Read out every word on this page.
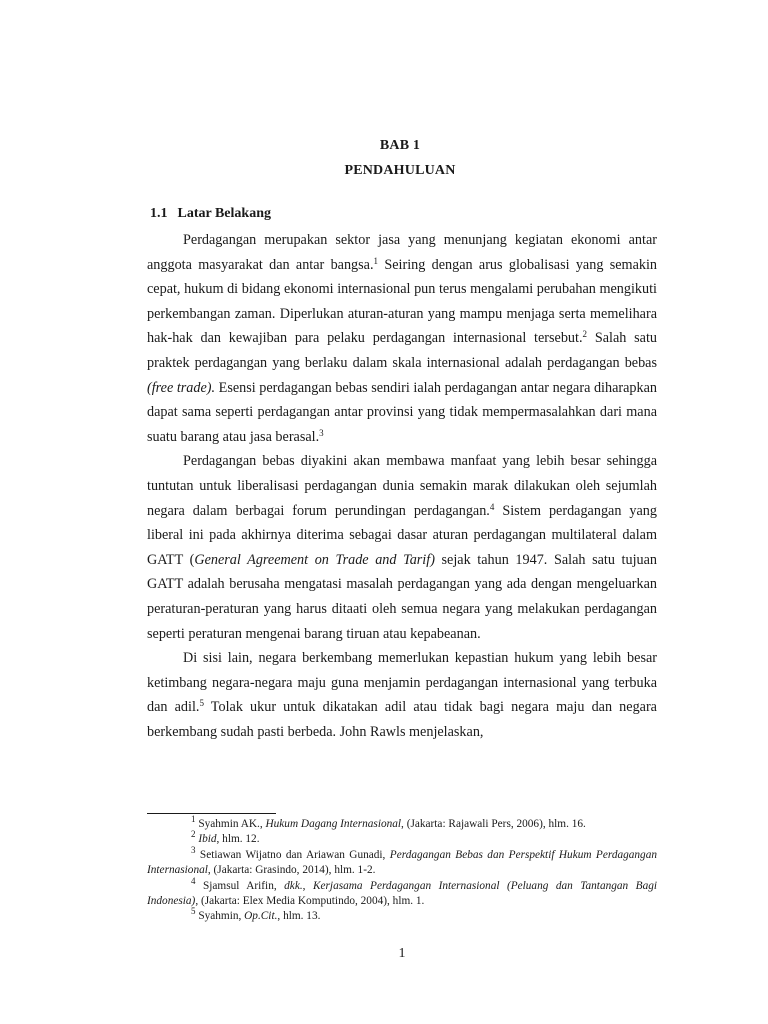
BAB 1
PENDAHULUAN
1.1 Latar Belakang

Perdagangan merupakan sektor jasa yang menunjang kegiatan ekonomi antar anggota masyarakat dan antar bangsa.$^1$ Seiring dengan arus globalisasi yang semakin cepat, hukum di bidang ekonomi internasional pun terus mengalami perubahan mengikuti perkembangan zaman. Diperlukan aturan-aturan yang mampu menjaga serta memelihara hak-hak dan kewajiban para pelaku perdagangan internasional tersebut.$^2$ Salah satu praktek perdagangan yang berlaku dalam skala internasional adalah perdagangan bebas (free trade). Esensi perdagangan bebas sendiri ialah perdagangan antar negara diharapkan dapat sama seperti perdagangan antar provinsi yang tidak mempermasalahkan dari mana suatu barang atau jasa berasal.$^3$

Perdagangan bebas diyakini akan membawa manfaat yang lebih besar sehingga tuntutan untuk liberalisasi perdagangan dunia semakin marak dilakukan oleh sejumlah negara dalam berbagai forum perundingan perdagangan.$^4$ Sistem perdagangan yang liberal ini pada akhirnya diterima sebagai dasar aturan perdagangan multilateral dalam GATT (General Agreement on Trade and Tarif) sejak tahun 1947. Salah satu tujuan GATT adalah berusaha mengatasi masalah perdagangan yang ada dengan mengeluarkan peraturan-peraturan yang harus ditaati oleh semua negara yang melakukan perdagangan seperti peraturan mengenai barang tiruan atau kepabeanan.

Di sisi lain, negara berkembang memerlukan kepastian hukum yang lebih besar ketimbang negara-negara maju guna menjamin perdagangan internasional yang terbuka dan adil.$^5$ Tolak ukur untuk dikatakan adil atau tidak bagi negara maju dan negara berkembang sudah pasti berbeda. John Rawls menjelaskan,

$^1$ Syahmin AK., Hukum Dagang Internasional, (Jakarta: Rajawali Pers, 2006), hlm. 16.

$^2$ Ibid, hlm. 12.

$^3$ Setiawan Wijatno dan Ariawan Gunadi, Perdagangan Bebas dan Perspektif Hukum Perdagangan Internasional, (Jakarta: Grasindo, 2014), hlm. 1-2.

$^4$ Sjamsul Arifin, dkk., Kerjasama Perdagangan Internasional (Peluang dan Tantangan Bagi Indonesia), (Jakarta: Elex Media Komputindo, 2004), hlm. 1.

$^5$ Syahmin, Op.Cit., hlm. 13.

1
